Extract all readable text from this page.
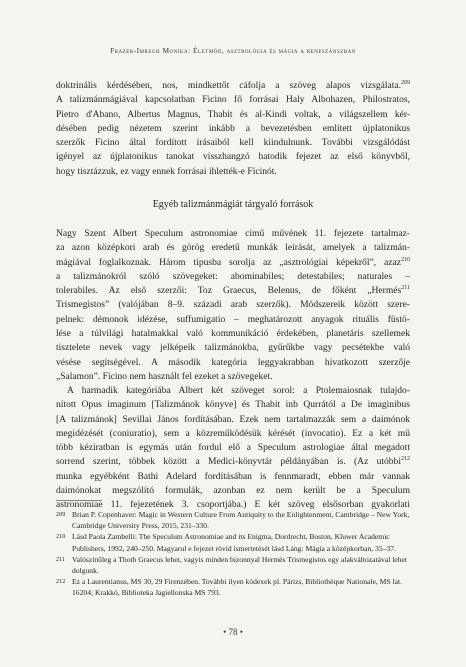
Frazer-Imregh Monika: Életmód, asztrológia és mágia a reneszánszban
doktrinális kérdésében, nos, mindkettőt cáfolja a szöveg alapos vizsgálata.$^{209}$
A talizmánmágiával kapcsolatban Ficino fő forrásai Haly Albohazen, Philostratos,
Pietro d'Abano, Albertus Magnus, Thabit és al-Kindi voltak, a világszellem kér-
désében pedig nézetem szerint inkább a bevezetésben említett újplatonikus
szerzők Ficino által fordított írásaiból kell kiindulnunk. További vizsgálódást
igényel az újplatonikus tanokat visszhangzó hatodik fejezet az első könyvből,
hogy tisztázzuk, ez vagy ennek forrásai ihlették-e Ficinót.
Egyéb talizmánmágiát tárgyaló források
Nagy Szent Albert Speculum astronomiae című művének 11. fejezete tartalmaz-
za azon középkori arab és görög eredetű munkák leírását, amelyek a talizmán-
mágiával foglalkoznak. Három típusba sorolja az „asztrológiai képekről”, azaz$^{210}$
a talizmánokról szóló szövegeket: abominabiles; detestabiles; naturales –
tolerabiles. Az első szerzői: Toz Graecus, Belenus, de főként „Hermés$^{211}$
Trismegistos” (valójában 8–9. századi arab szerzők). Módszereik között szere-
pelnek: démonok idézése, suffumigatio – meghatározott anyagok rituális füstö-
lése a túlvilági hatalmakkal való kommunikáció érdekében, planetáris szellemek
tisztelete nevek vagy jelképeik talizmánokba, gyűrűkbe vagy pecsétekbe való
vésése segítségével. A második kategória leggyakrabban hivatkozott szerzője
„Salamon”. Ficino nem használt fel ezeket a szövegeket.
A harmadik kategóriába Albert két szöveget sorol: a Ptolemaiosnak tulajdo-
nított Opus imaginum [Talizmánok könyve] és Thabit inb Qurrától a De imaginibus
[A talizmánok] Sevillai János fordításában. Ezek nem tartalmazzák sem a daimónok
megidézését (coniuratio), sem a közreműködésük kérését (invocatio). Ez a két mű
több kéziratban is egymás után fordul elő a Speculum astrologiae által megadott
sorrend szerint, többek között a Medici-könyvtár példányában is. (Az utóbbi$^{212}$
munka egyébként Bathi Adelard fordításában is fennmaradt, ebben már vannak
daimónokat megszólító formulák, azonban ez nem került be a Speculum
astronomiae 11. fejezetének 3. csoportjába.) E két szöveg elsősorban gyakorlati
209 Brian P. Copenhaver: Magic in Western Culture From Antiquity to the Enlightenment, Cambridge – New York, Cambridge University Press, 2015, 231–330.
210 Lásd Paola Zambelli: The Speculum Astronomiae and its Enigma, Dordrecht, Boston, Kluwer Academic Publishers, 1992, 240–250. Magyarul e fejezet rövid ismertetését lásd Láng: Mágia a középkorban, 35–37.
211 Valószínűleg a Thoth Graecus lehet, vagyis minden bizonnyal Hermés Trismegistos egy alakváltozatával lehet dolgunk.
212 Ez a Laurentianus, MS 30, 29 Firenzében. További ilyen kódexek pl. Párizs, Bibliothèque Nationale, MS lat. 16204; Krakkó, Biblioteka Jagiellonska MS 793.
• 78 •
